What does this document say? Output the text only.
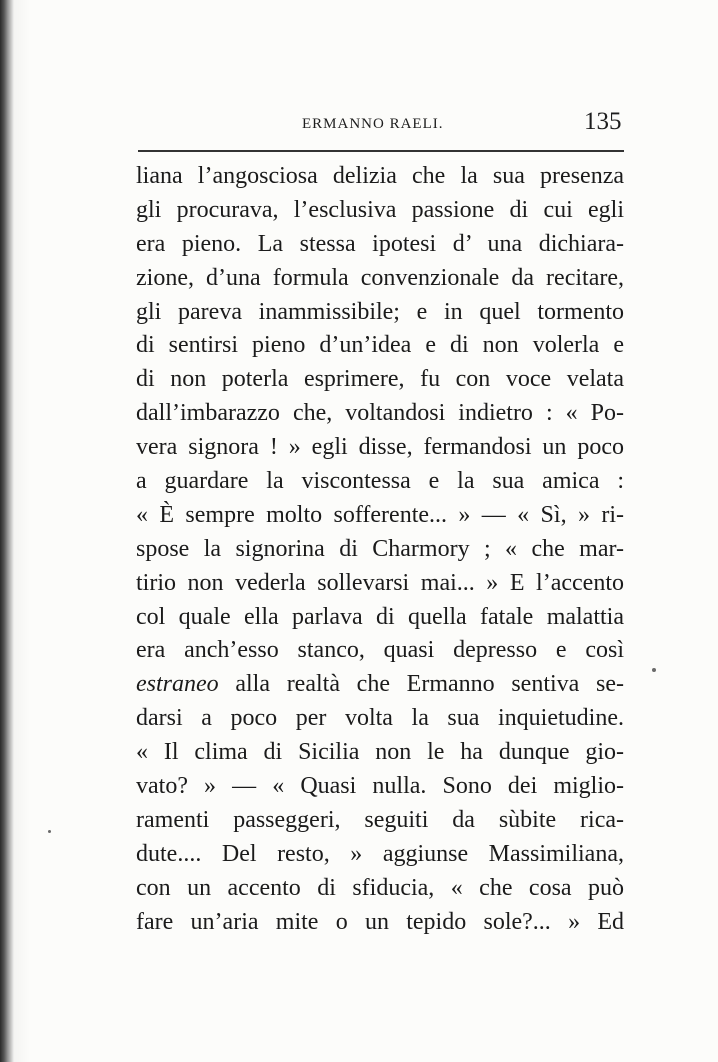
ERMANNO RAELI.	135
liana l’angosciosa delizia che la sua presenza
gli procurava, l’esclusiva passione di cui egli
era pieno. La stessa ipotesi d’ una dichiara-
zione, d’una formula convenzionale da recitare,
gli pareva inammissibile; e in quel tormento
di sentirsi pieno d’un’idea e di non volerla e
di non poterla esprimere, fu con voce velata
dall’imbarazzo che, voltandosi indietro : « Po-
vera signora ! » egli disse, fermandosi un poco
a guardare la viscontessa e la sua amica :
« È sempre molto sofferente... » — « Sì, » ri-
spose la signorina di Charmory ; « che mar-
tirio non vederla sollevarsi mai... » E l’accento
col quale ella parlava di quella fatale malattia
era anch’esso stanco, quasi depresso e così
estraneo alla realtà che Ermanno sentiva se-
darsi a poco per volta la sua inquietudine.
« Il clima di Sicilia non le ha dunque gio-
vato? » — « Quasi nulla. Sono dei miglio-
ramenti passeggeri, seguiti da sùbite rica-
dute.... Del resto, » aggiunse Massimiliana,
con un accento di sfiducia, « che cosa può
fare un’aria mite o un tepido sole?... » Ed
